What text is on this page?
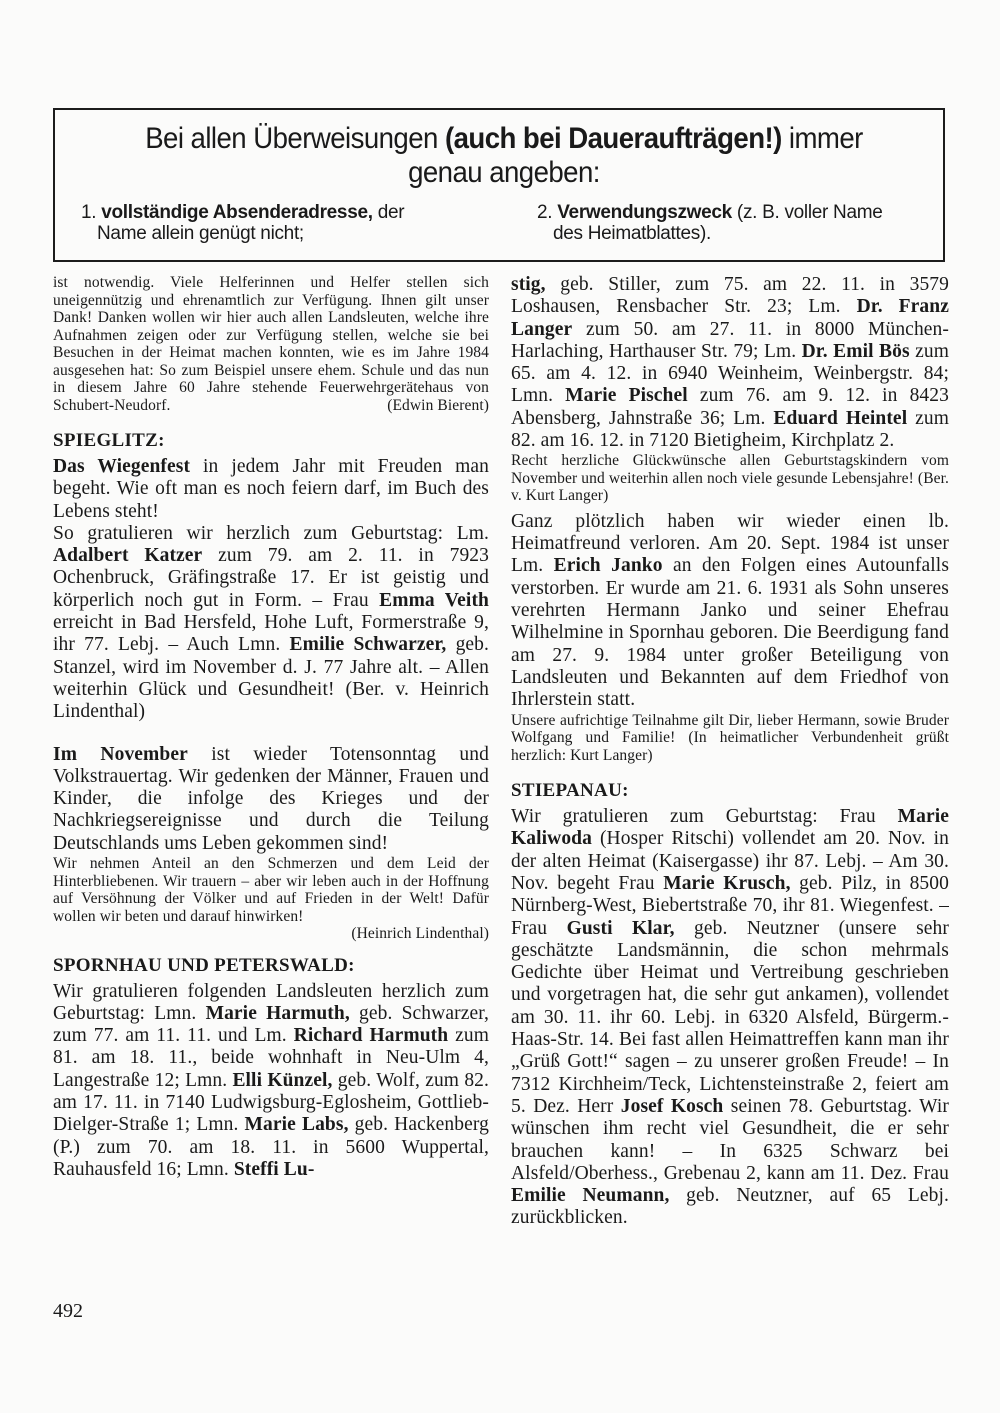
Bei allen Überweisungen (auch bei Daueraufträgen!) immer genau angeben:
1. vollständige Absenderadresse, der
Name allein genügt nicht;
2. Verwendungszweck (z. B. voller Name
des Heimatblattes).

ist notwendig. Viele Helferinnen und Helfer stellen sich uneigennützig und ehrenamtlich zur Verfügung. Ihnen gilt unser Dank! Danken wollen wir hier auch allen Landsleuten, welche ihre Aufnahmen zeigen oder zur Verfügung stellen, welche sie bei Besuchen in der Heimat machen konnten, wie es im Jahre 1984 ausgesehen hat: So zum Beispiel unsere ehem. Schule und das nun in diesem Jahre 60 Jahre stehende Feuerwehrgerätehaus von Schubert-Neudorf.	(Edwin Bierent)

SPIEGLITZ:

Das Wiegenfest in jedem Jahr mit Freuden man begeht. Wie oft man es noch feiern darf, im Buch des Lebens steht!

So gratulieren wir herzlich zum Geburtstag: Lm. Adalbert Katzer zum 79. am 2. 11. in 7923 Ochenbruck, Gräfingstraße 17. Er ist geistig und körperlich noch gut in Form. – Frau Emma Veith erreicht in Bad Hersfeld, Hohe Luft, Formerstraße 9, ihr 77. Lebj. – Auch Lmn. Emilie Schwarzer, geb. Stanzel, wird im November d. J. 77 Jahre alt. – Allen weiterhin Glück und Gesundheit! (Ber. v. Heinrich Lindenthal)

Im November ist wieder Totensonntag und Volkstrauertag. Wir gedenken der Männer, Frauen und Kinder, die infolge des Krieges und der Nachkriegsereignisse und durch die Teilung Deutschlands ums Leben gekommen sind!

Wir nehmen Anteil an den Schmerzen und dem Leid der Hinterbliebenen. Wir trauern – aber wir leben auch in der Hoffnung auf Versöhnung der Völker und auf Frieden in der Welt! Dafür wollen wir beten und darauf hinwirken!

(Heinrich Lindenthal)

SPORNHAU UND PETERSWALD:

Wir gratulieren folgenden Landsleuten herzlich zum Geburtstag: Lmn. Marie Harmuth, geb. Schwarzer, zum 77. am 11. 11. und Lm. Richard Harmuth zum 81. am 18. 11., beide wohnhaft in Neu-Ulm 4, Langestraße 12; Lmn. Elli Künzel, geb. Wolf, zum 82. am 17. 11. in 7140 Ludwigsburg-Eglosheim, Gottlieb-Dielger-Straße 1; Lmn. Marie Labs, geb. Hackenberg (P.) zum 70. am 18. 11. in 5600 Wuppertal, Rauhausfeld 16; Lmn. Steffi Lu-

stig, geb. Stiller, zum 75. am 22. 11. in 3579 Loshausen, Rensbacher Str. 23; Lm. Dr. Franz Langer zum 50. am 27. 11. in 8000 München-Harlaching, Harthauser Str. 79; Lm. Dr. Emil Bös zum 65. am 4. 12. in 6940 Weinheim, Weinbergstr. 84; Lmn. Marie Pischel zum 76. am 9. 12. in 8423 Abensberg, Jahnstraße 36; Lm. Eduard Heintel zum 82. am 16. 12. in 7120 Bietigheim, Kirchplatz 2.

Recht herzliche Glückwünsche allen Geburtstagskindern vom November und weiterhin allen noch viele gesunde Lebensjahre! (Ber. v. Kurt Langer)

Ganz plötzlich haben wir wieder einen lb. Heimatfreund verloren. Am 20. Sept. 1984 ist unser Lm. Erich Janko an den Folgen eines Autounfalls verstorben. Er wurde am 21. 6. 1931 als Sohn unseres verehrten Hermann Janko und seiner Ehefrau Wilhelmine in Spornhau geboren. Die Beerdigung fand am 27. 9. 1984 unter großer Beteiligung von Landsleuten und Bekannten auf dem Friedhof von Ihrlerstein statt.

Unsere aufrichtige Teilnahme gilt Dir, lieber Hermann, sowie Bruder Wolfgang und Familie! (In heimatlicher Verbundenheit grüßt herzlich: Kurt Langer)

STIEPANAU:

Wir gratulieren zum Geburtstag: Frau Marie Kaliwoda (Hosper Ritschi) vollendet am 20. Nov. in der alten Heimat (Kaisergasse) ihr 87. Lebj. – Am 30. Nov. begeht Frau Marie Krusch, geb. Pilz, in 8500 Nürnberg-West, Biebertstraße 70, ihr 81. Wiegenfest. – Frau Gusti Klar, geb. Neutzner (unsere sehr geschätzte Landsmännin, die schon mehrmals Gedichte über Heimat und Vertreibung geschrieben und vorgetragen hat, die sehr gut ankamen), vollendet am 30. 11. ihr 60. Lebj. in 6320 Alsfeld, Bürgerm.-Haas-Str. 14. Bei fast allen Heimattreffen kann man ihr „Grüß Gott!“ sagen – zu unserer großen Freude! – In 7312 Kirchheim/Teck, Lichtensteinstraße 2, feiert am 5. Dez. Herr Josef Kosch seinen 78. Geburtstag. Wir wünschen ihm recht viel Gesundheit, die er sehr brauchen kann! – In 6325 Schwarz bei Alsfeld/Oberhess., Grebenau 2, kann am 11. Dez. Frau Emilie Neumann, geb. Neutzner, auf 65 Lebj. zurückblicken.

492
